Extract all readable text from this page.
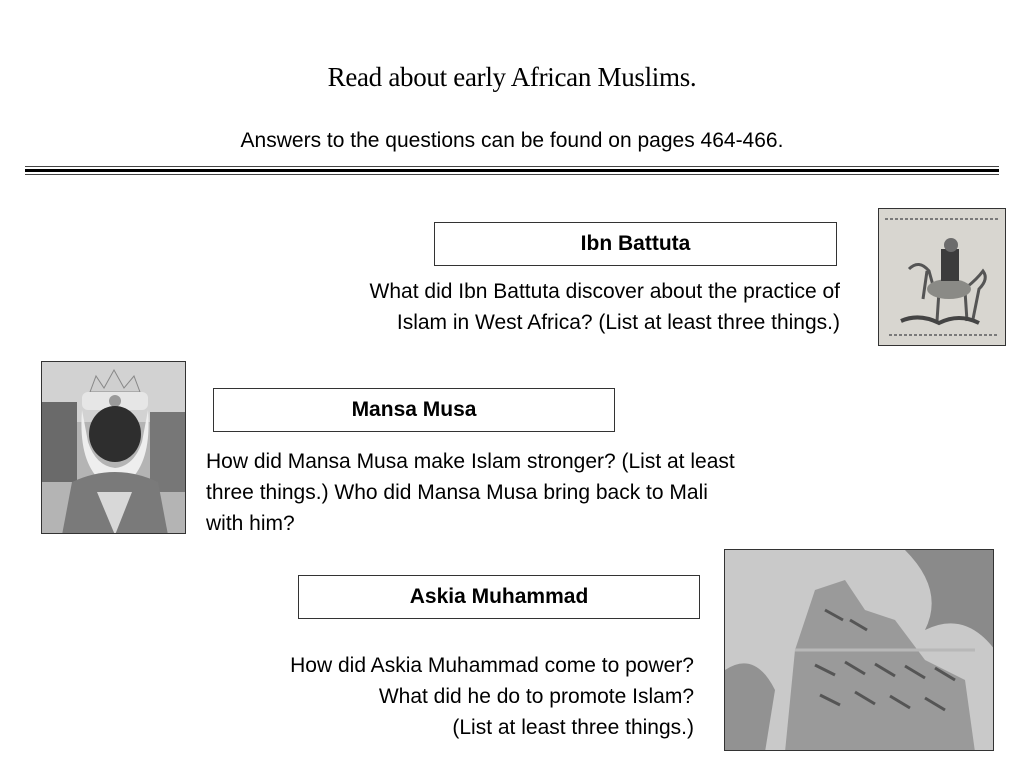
Read about early African Muslims.
Answers to the questions can be found on pages 464-466.
Ibn Battuta
What did Ibn Battuta discover about the practice of
Islam in West Africa? (List at least three things.)
Mansa Musa
How did Mansa Musa make Islam stronger? (List at least
three things.) Who did Mansa Musa bring back to Mali
with him?
Askia Muhammad
How did Askia Muhammad come to power?
What did he do to promote Islam?
(List at least three things.)
